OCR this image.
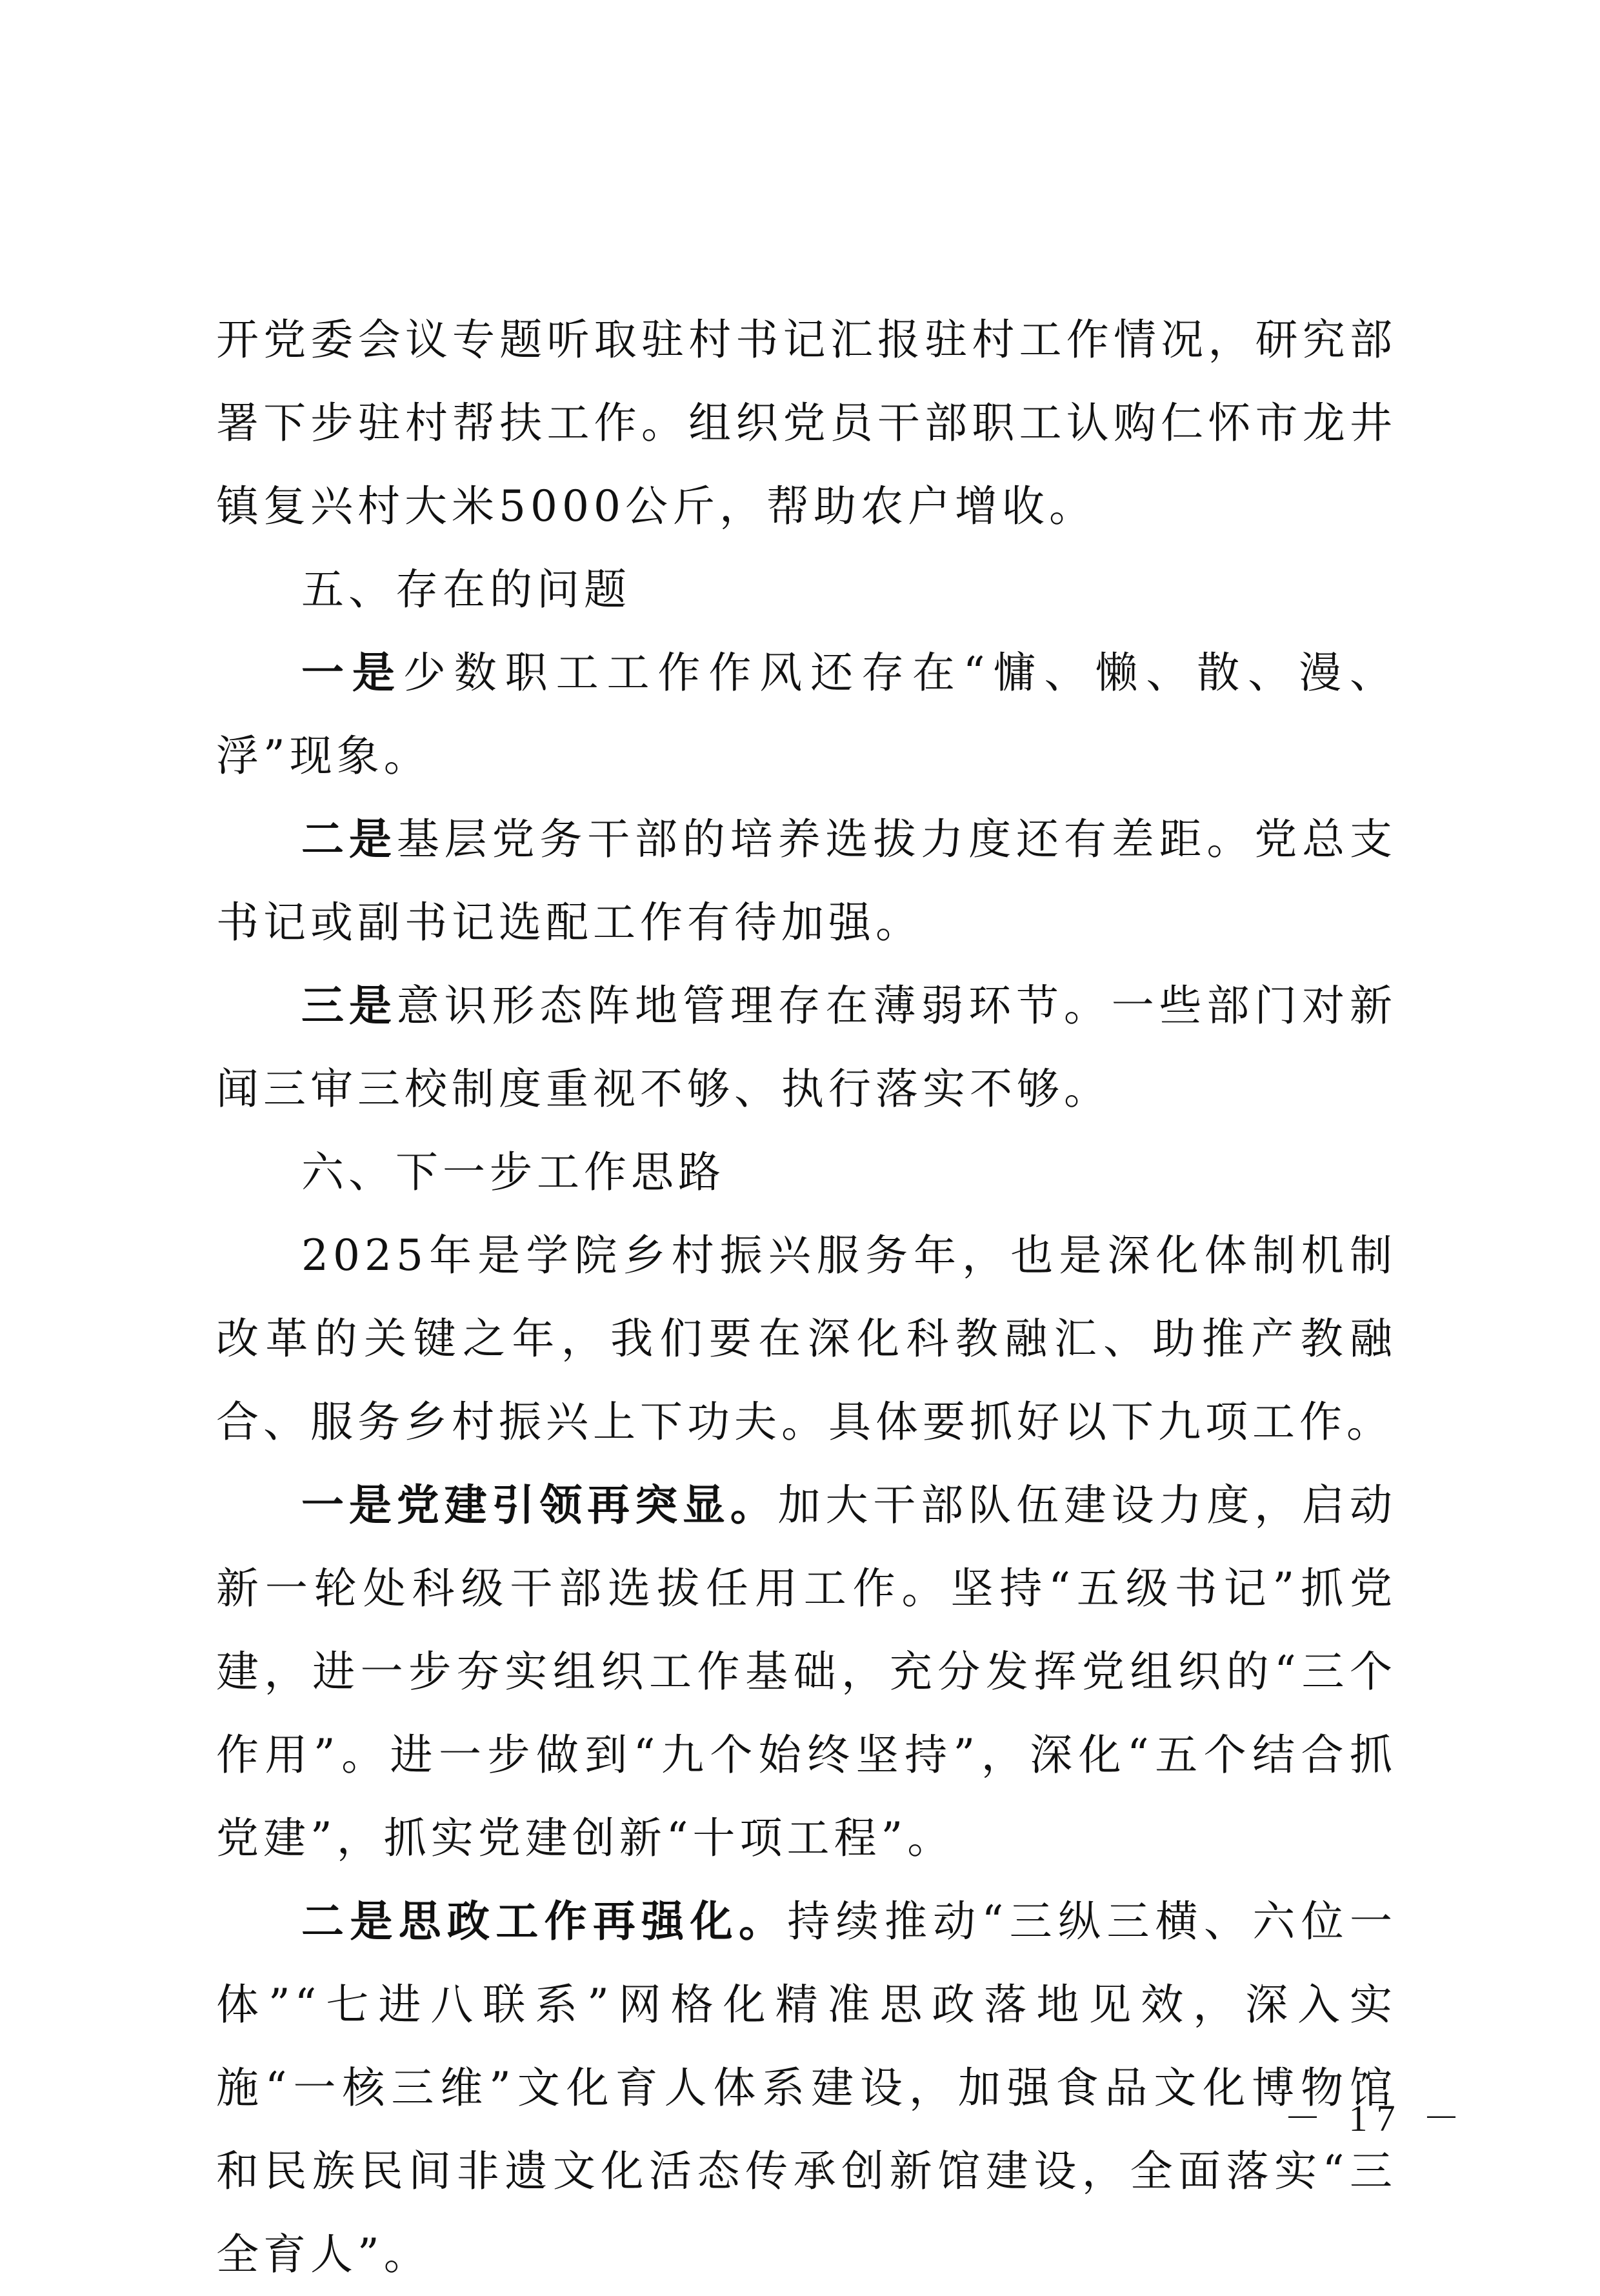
开党委会议专题听取驻村书记汇报驻村工作情况，研究部署下步驻村帮扶工作。组织党员干部职工认购仁怀市龙井镇复兴村大米5000公斤，帮助农户增收。

五、存在的问题

一是少数职工工作作风还存在“慵、懒、散、漫、浮”现象。

二是基层党务干部的培养选拔力度还有差距。党总支书记或副书记选配工作有待加强。

三是意识形态阵地管理存在薄弱环节。一些部门对新闻三审三校制度重视不够、执行落实不够。

六、下一步工作思路

2025年是学院乡村振兴服务年，也是深化体制机制改革的关键之年，我们要在深化科教融汇、助推产教融合、服务乡村振兴上下功夫。具体要抓好以下九项工作。

一是党建引领再突显。加大干部队伍建设力度，启动新一轮处科级干部选拔任用工作。坚持“五级书记”抓党建，进一步夯实组织工作基础，充分发挥党组织的“三个作用”。进一步做到“九个始终坚持”，深化“五个结合抓党建”，抓实党建创新“十项工程”。

二是思政工作再强化。持续推动“三纵三横、六位一体”“七进八联系”网格化精准思政落地见效，深入实施“一核三维”文化育人体系建设，加强食品文化博物馆和民族民间非遗文化活态传承创新馆建设，全面落实“三全育人”。

－ 17 －
